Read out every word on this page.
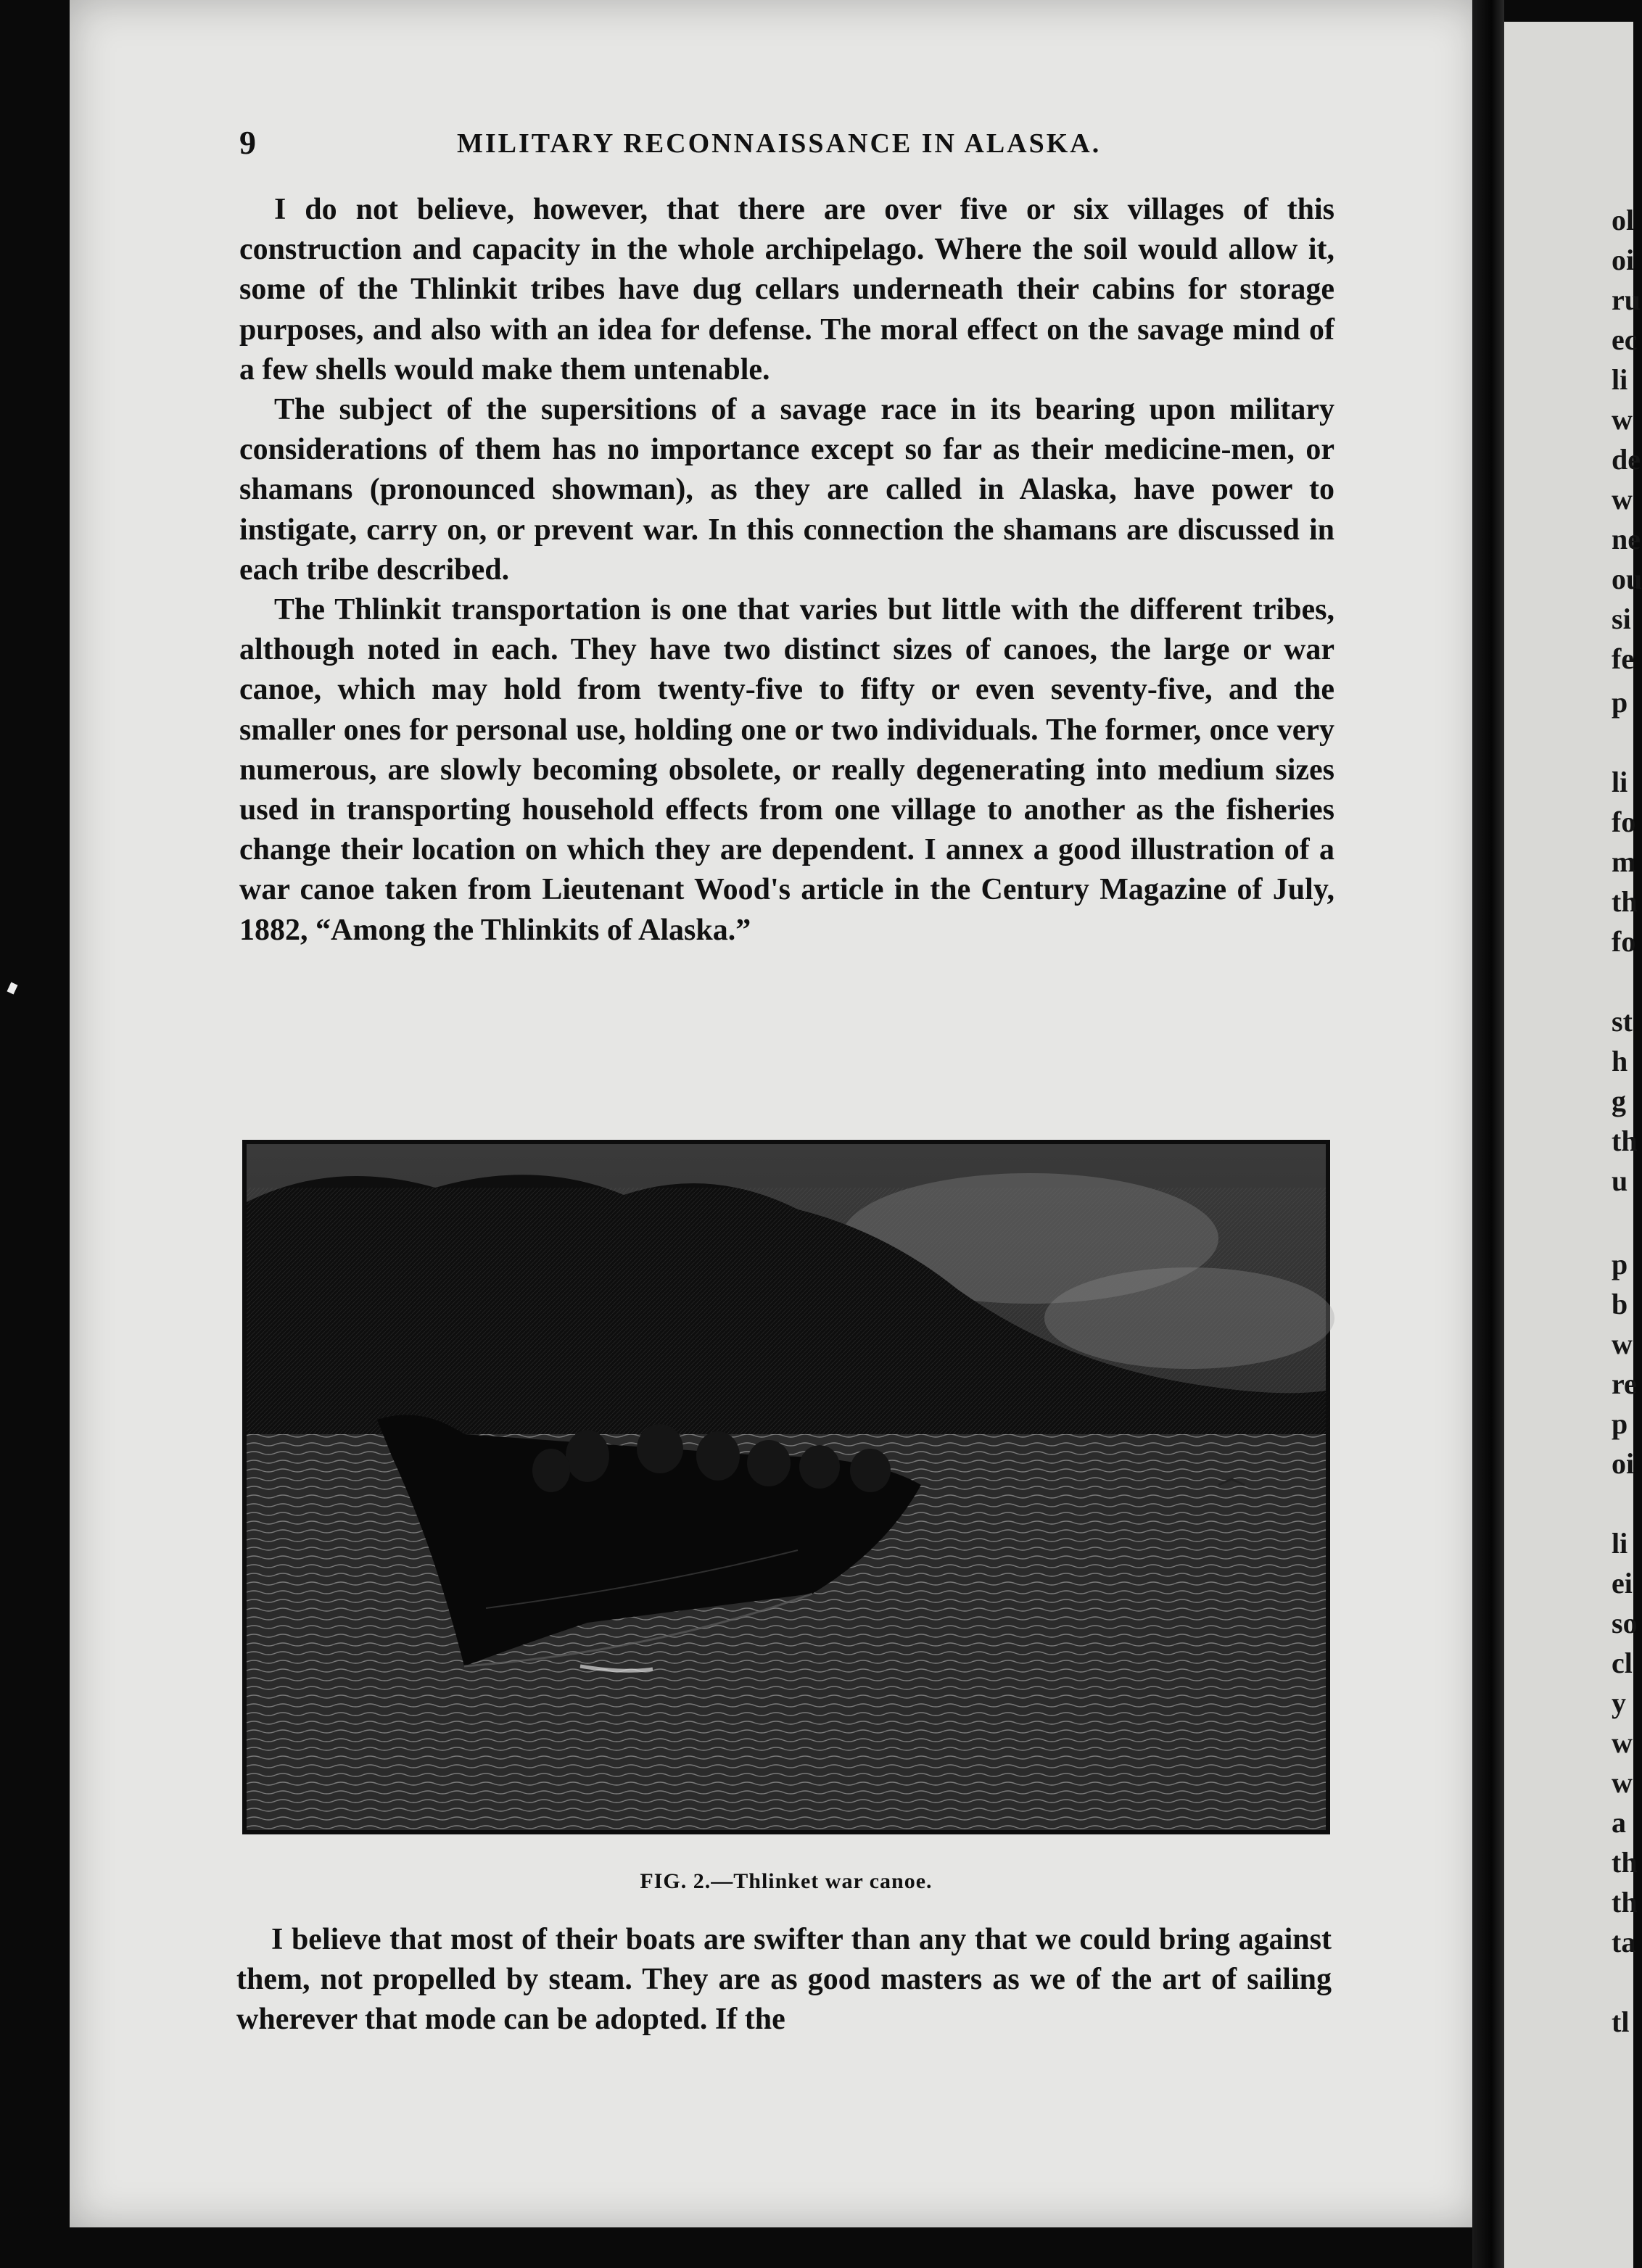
9	MILITARY RECONNAISSANCE IN ALASKA.

I do not believe, however, that there are over five or six villages of this construction and capacity in the whole archipelago. Where the soil would allow it, some of the Thlinkit tribes have dug cellars underneath their cabins for storage purposes, and also with an idea for defense. The moral effect on the savage mind of a few shells would make them untenable.

The subject of the supersitions of a savage race in its bearing upon military considerations of them has no importance except so far as their medicine-men, or shamans (pronounced showman), as they are called in Alaska, have power to instigate, carry on, or prevent war. In this connection the shamans are discussed in each tribe described.

The Thlinkit transportation is one that varies but little with the different tribes, although noted in each. They have two distinct sizes of canoes, the large or war canoe, which may hold from twenty-five to fifty or even seventy-five, and the smaller ones for personal use, holding one or two individuals. The former, once very numerous, are slowly becoming obsolete, or really degenerating into medium sizes used in transporting household effects from one village to another as the fisheries change their location on which they are dependent. I annex a good illustration of a war canoe taken from Lieutenant Wood's article in the Century Magazine of July, 1882, “Among the Thlinkits of Alaska.”

FIG. 2.—Thlinket war canoe.

I believe that most of their boats are swifter than any that we could bring against them, not propelled by steam. They are as good masters as we of the art of sailing wherever that mode can be adopted. If the

ol
oi
ru
ec
li
w
de
w
ne
ou
si
fe
p
li
fo
m
th
fo
st
h
g
th
u
p
b
w
re
p
oi
li
ei
so
cl
y
w
w
a
th
th
ta
tl
